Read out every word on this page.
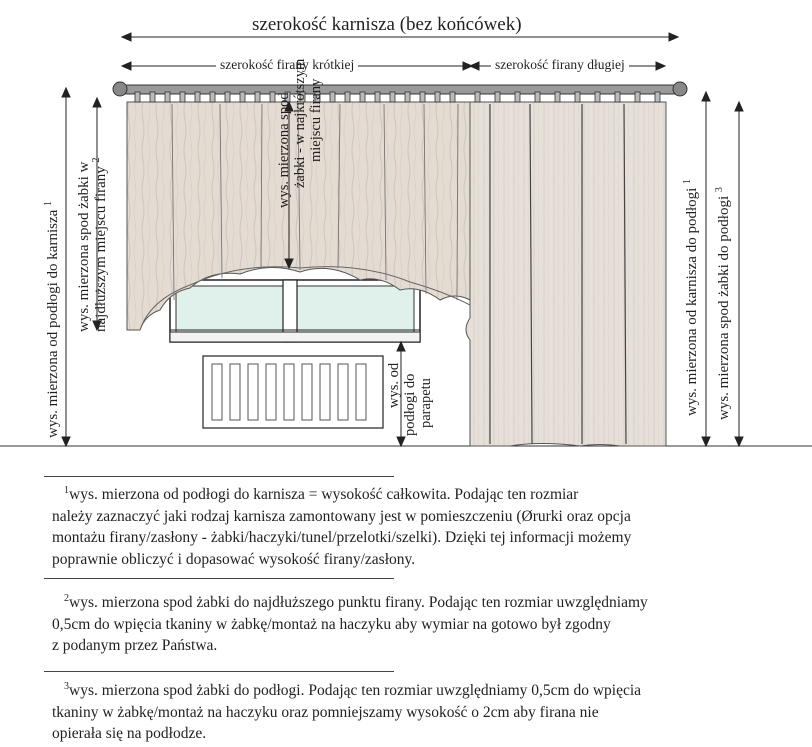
szerokość karnisza (bez końcówek)
szerokość firany krótkiej	szerokość firany długiej
wys. mierzona od podłogi do karnisza $^1$	wys. mierzona spod żabki w najdłuższym miejscu firany $^2$	wys. mierzona spod żabki - w najkrótszym miejscu firany
wys. od podłogi do parapetu	wys. mierzona od karnisza do podłogi $^1$
wys. mierzona spod żabki do podłogi $^3$

$^1$wys. mierzona od podłogi do karnisza = wysokość całkowita. Podając ten rozmiar

należy zaznaczyć jaki rodzaj karnisza zamontowany jest w pomieszczeniu (Ørurki oraz opcja

montażu firany/zasłony - żabki/haczyki/tunel/przelotki/szelki). Dzięki tej informacji możemy

poprawnie obliczyć i dopasować wysokość firany/zasłony.

$^2$wys. mierzona spod żabki do najdłuższego punktu firany. Podając ten rozmiar uwzględniamy

0,5cm do wpięcia tkaniny w żabkę/montaż na haczyku aby wymiar na gotowo był zgodny

z podanym przez Państwa.

$^3$wys. mierzona spod żabki do podłogi. Podając ten rozmiar uwzględniamy 0,5cm do wpięcia

tkaniny w żabkę/montaż na haczyku oraz pomniejszamy wysokość o 2cm aby firana nie

opierała się na podłodze.
